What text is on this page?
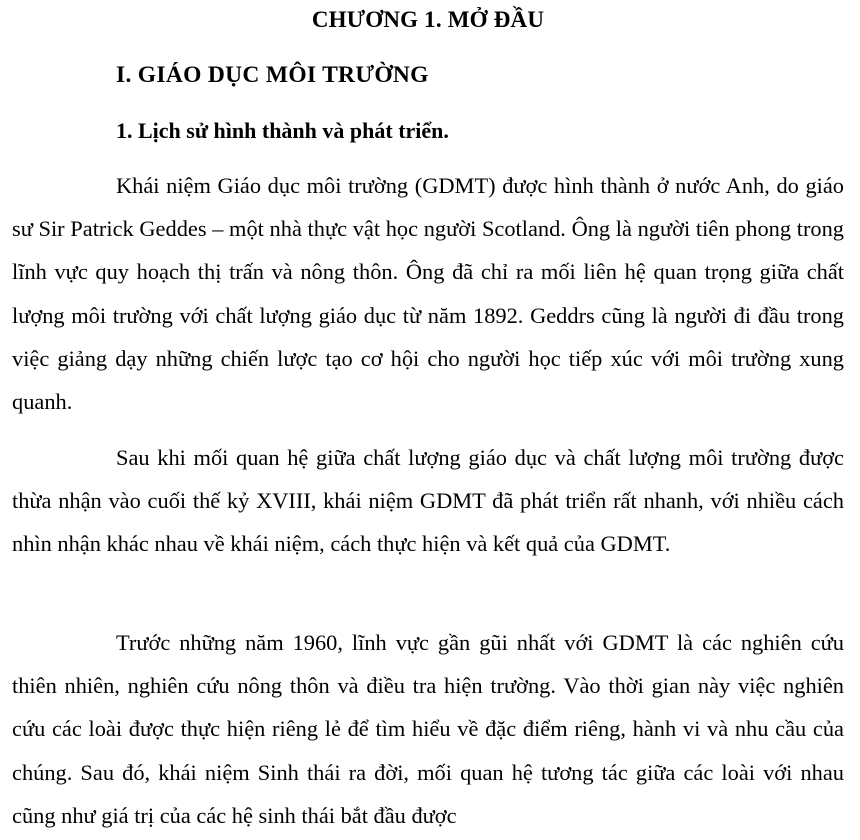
CHƯƠNG 1. MỞ ĐẦU
I. GIÁO DỤC MÔI TRƯỜNG
1. Lịch sử hình thành và phát triển.

Khái niệm Giáo dục môi trường (GDMT) được hình thành ở nước Anh, do giáo sư Sir Patrick Geddes – một nhà thực vật học người Scotland. Ông là người tiên phong trong lĩnh vực quy hoạch thị trấn và nông thôn. Ông đã chỉ ra mối liên hệ quan trọng giữa chất lượng môi trường với chất lượng giáo dục từ năm 1892. Geddrs cũng là người đi đầu trong việc giảng dạy những chiến lược tạo cơ hội cho người học tiếp xúc với môi trường xung quanh.

Sau khi mối quan hệ giữa chất lượng giáo dục và chất lượng môi trường được thừa nhận vào cuối thế kỷ XVIII, khái niệm GDMT đã phát triển rất nhanh, với nhiều cách nhìn nhận khác nhau về khái niệm, cách thực hiện và kết quả của GDMT.

Trước những năm 1960, lĩnh vực gần gũi nhất với GDMT là các nghiên cứu thiên nhiên, nghiên cứu nông thôn và điều tra hiện trường. Vào thời gian này việc nghiên cứu các loài được thực hiện riêng lẻ để tìm hiểu về đặc điểm riêng, hành vi và nhu cầu của chúng. Sau đó, khái niệm Sinh thái ra đời, mối quan hệ tương tác giữa các loài với nhau cũng như giá trị của các hệ sinh thái bắt đầu được
